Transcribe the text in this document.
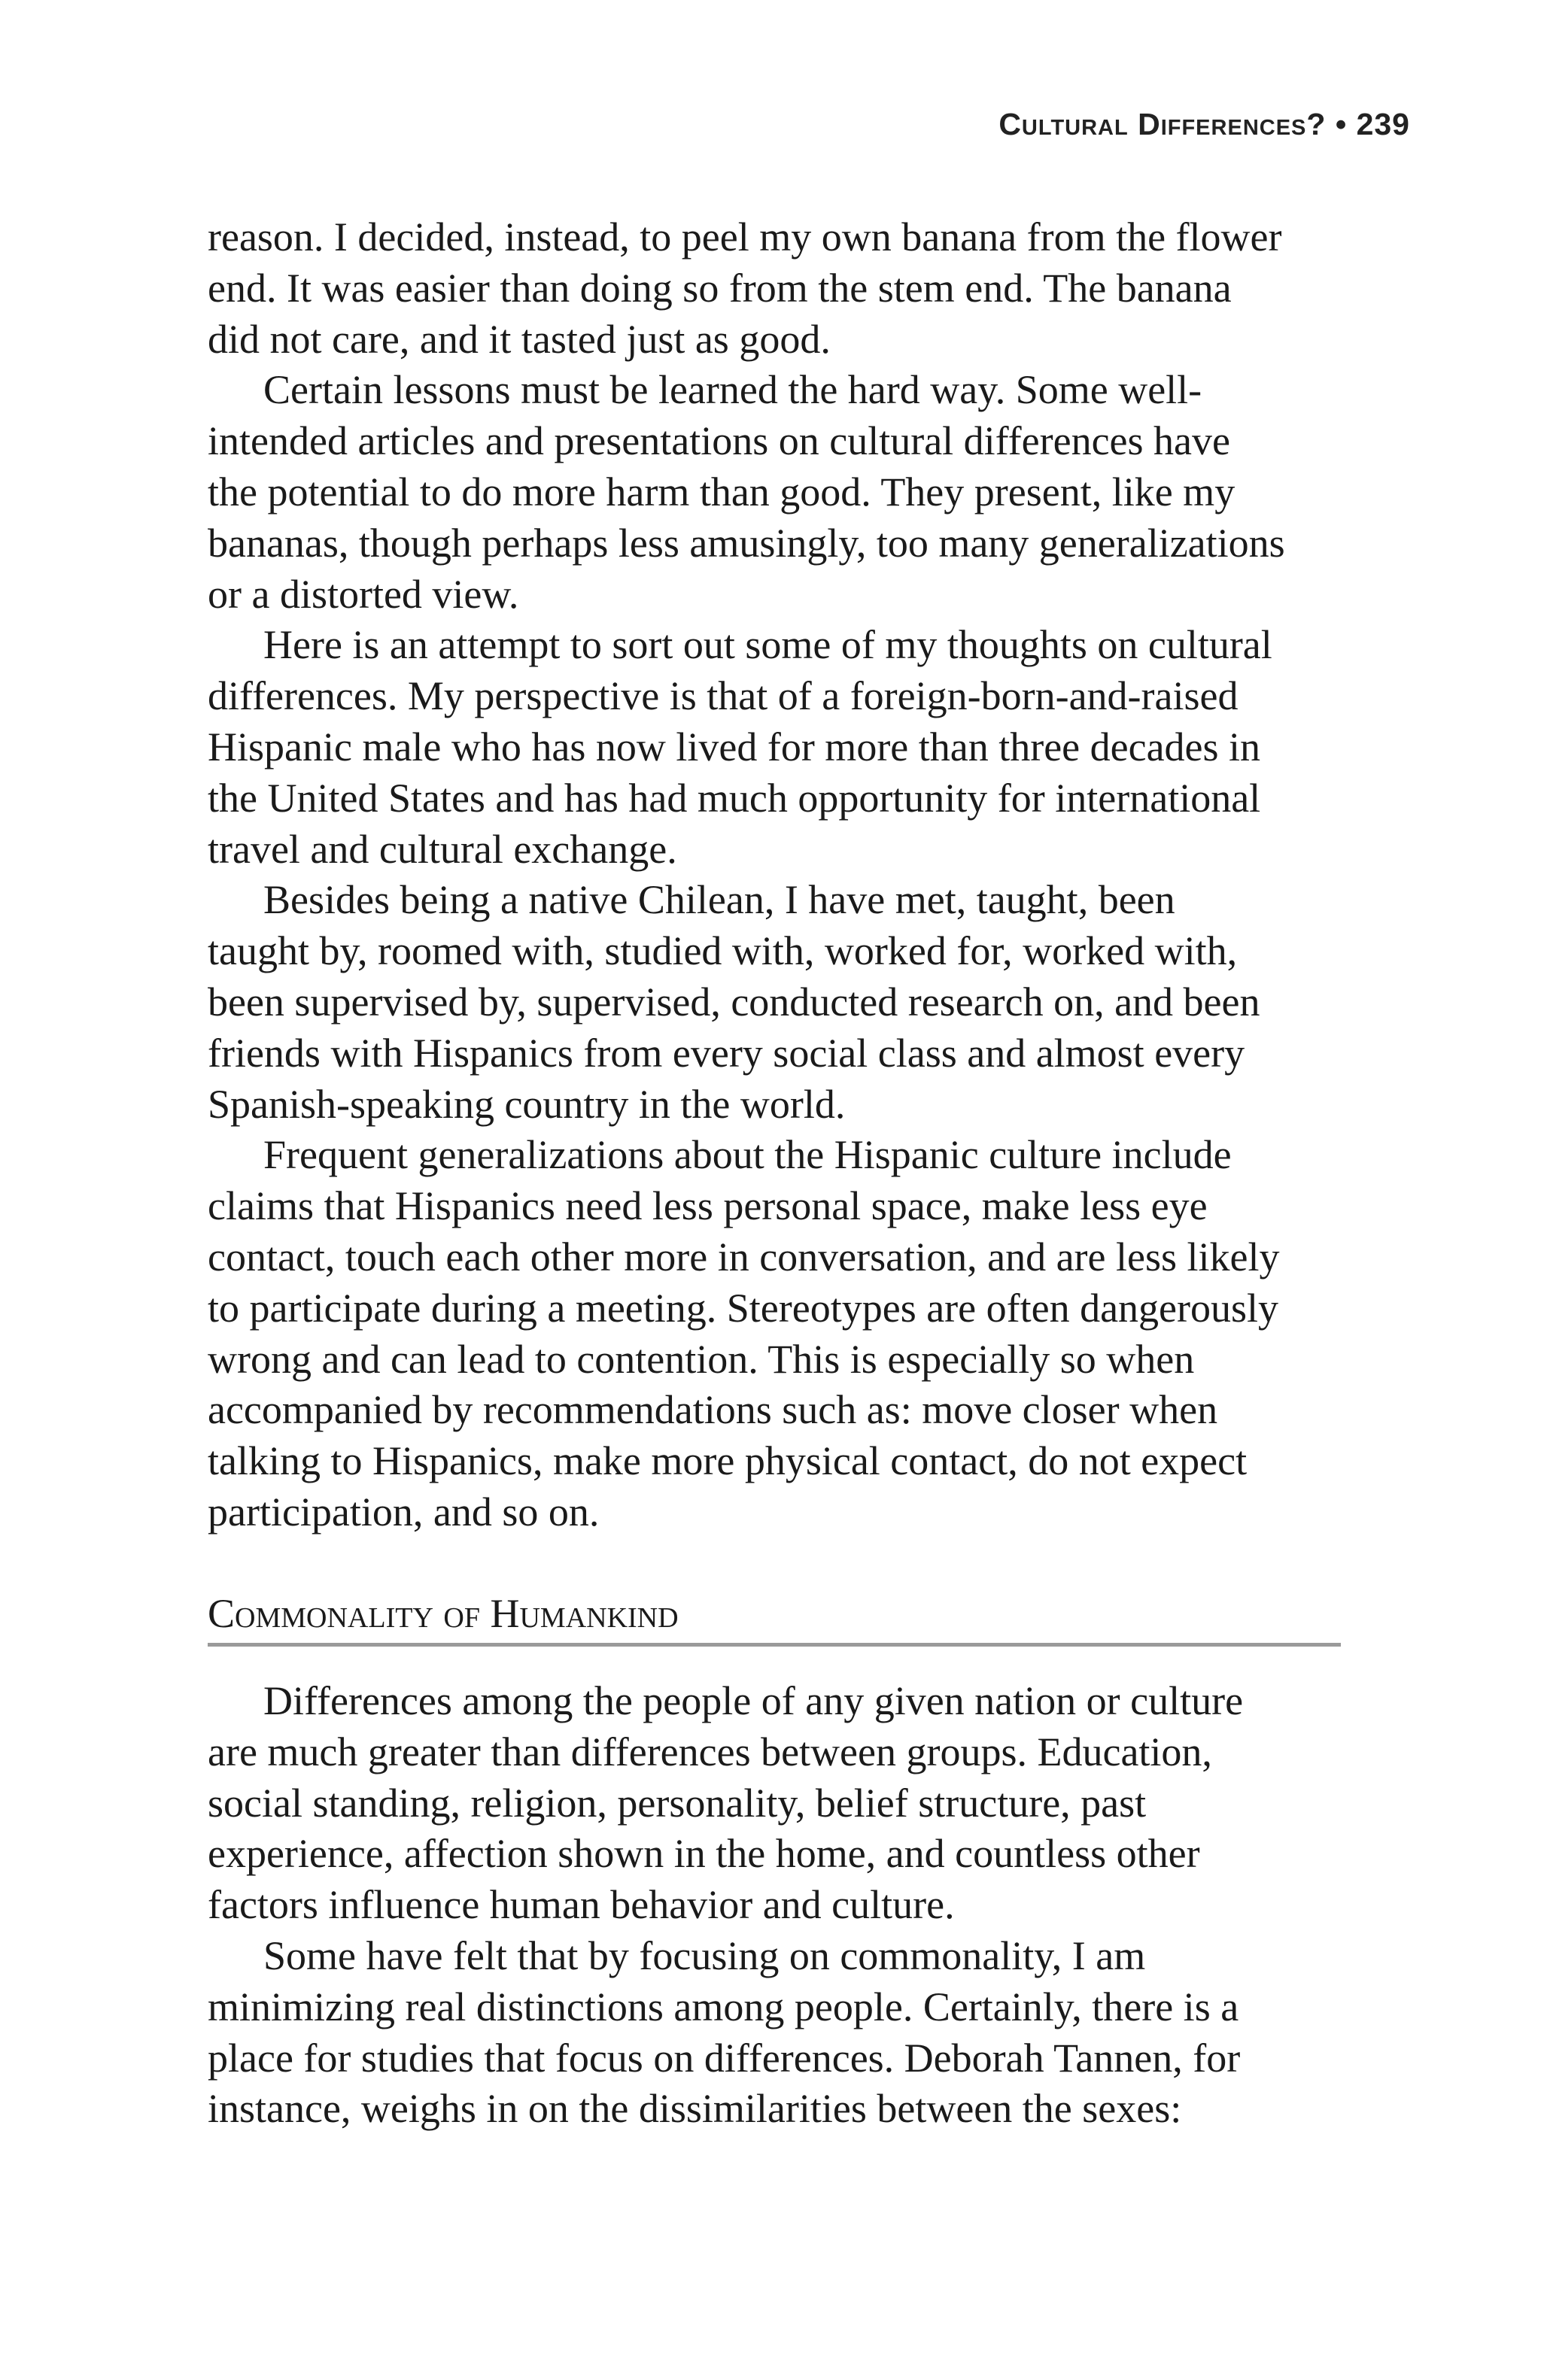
Cultural Differences? • 239
reason. I decided, instead, to peel my own banana from the flower
end. It was easier than doing so from the stem end. The banana
did not care, and it tasted just as good.
Certain lessons must be learned the hard way. Some well-
intended articles and presentations on cultural differences have
the potential to do more harm than good. They present, like my
bananas, though perhaps less amusingly, too many generalizations
or a distorted view.
Here is an attempt to sort out some of my thoughts on cultural
differences. My perspective is that of a foreign-born-and-raised
Hispanic male who has now lived for more than three decades in
the United States and has had much opportunity for international
travel and cultural exchange.
Besides being a native Chilean, I have met, taught, been
taught by, roomed with, studied with, worked for, worked with,
been supervised by, supervised, conducted research on, and been
friends with Hispanics from every social class and almost every
Spanish-speaking country in the world.
Frequent generalizations about the Hispanic culture include
claims that Hispanics need less personal space, make less eye
contact, touch each other more in conversation, and are less likely
to participate during a meeting. Stereotypes are often dangerously
wrong and can lead to contention. This is especially so when
accompanied by recommendations such as: move closer when
talking to Hispanics, make more physical contact, do not expect
participation, and so on.
Commonality of Humankind
Differences among the people of any given nation or culture
are much greater than differences between groups. Education,
social standing, religion, personality, belief structure, past
experience, affection shown in the home, and countless other
factors influence human behavior and culture.
Some have felt that by focusing on commonality, I am
minimizing real distinctions among people. Certainly, there is a
place for studies that focus on differences. Deborah Tannen, for
instance, weighs in on the dissimilarities between the sexes:
